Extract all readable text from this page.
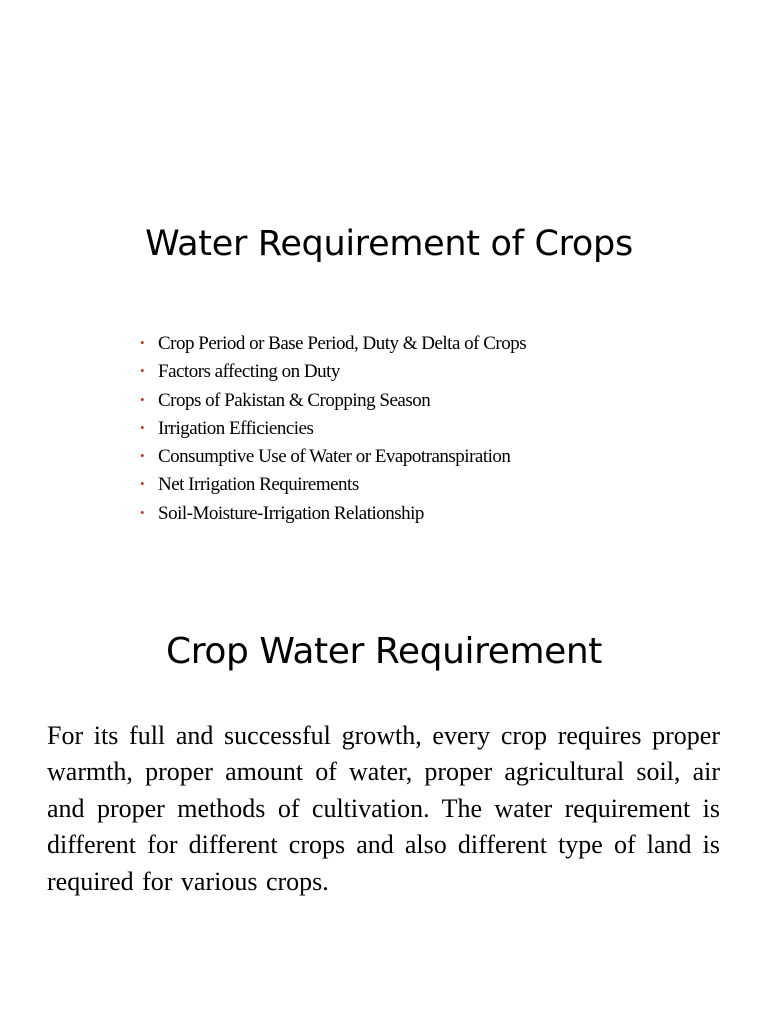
Water Requirement of Crops
• Crop Period or Base Period, Duty & Delta of Crops
• Factors affecting on Duty
• Crops of Pakistan & Cropping Season
• Irrigation Efficiencies
• Consumptive Use of Water or Evapotranspiration
• Net Irrigation Requirements
• Soil-Moisture-Irrigation Relationship
Crop Water Requirement

For its full and successful growth, every crop requires proper warmth, proper amount of water, proper agricultural soil, air and proper methods of cultivation. The water requirement is different for different crops and also different type of land is required for various crops.
